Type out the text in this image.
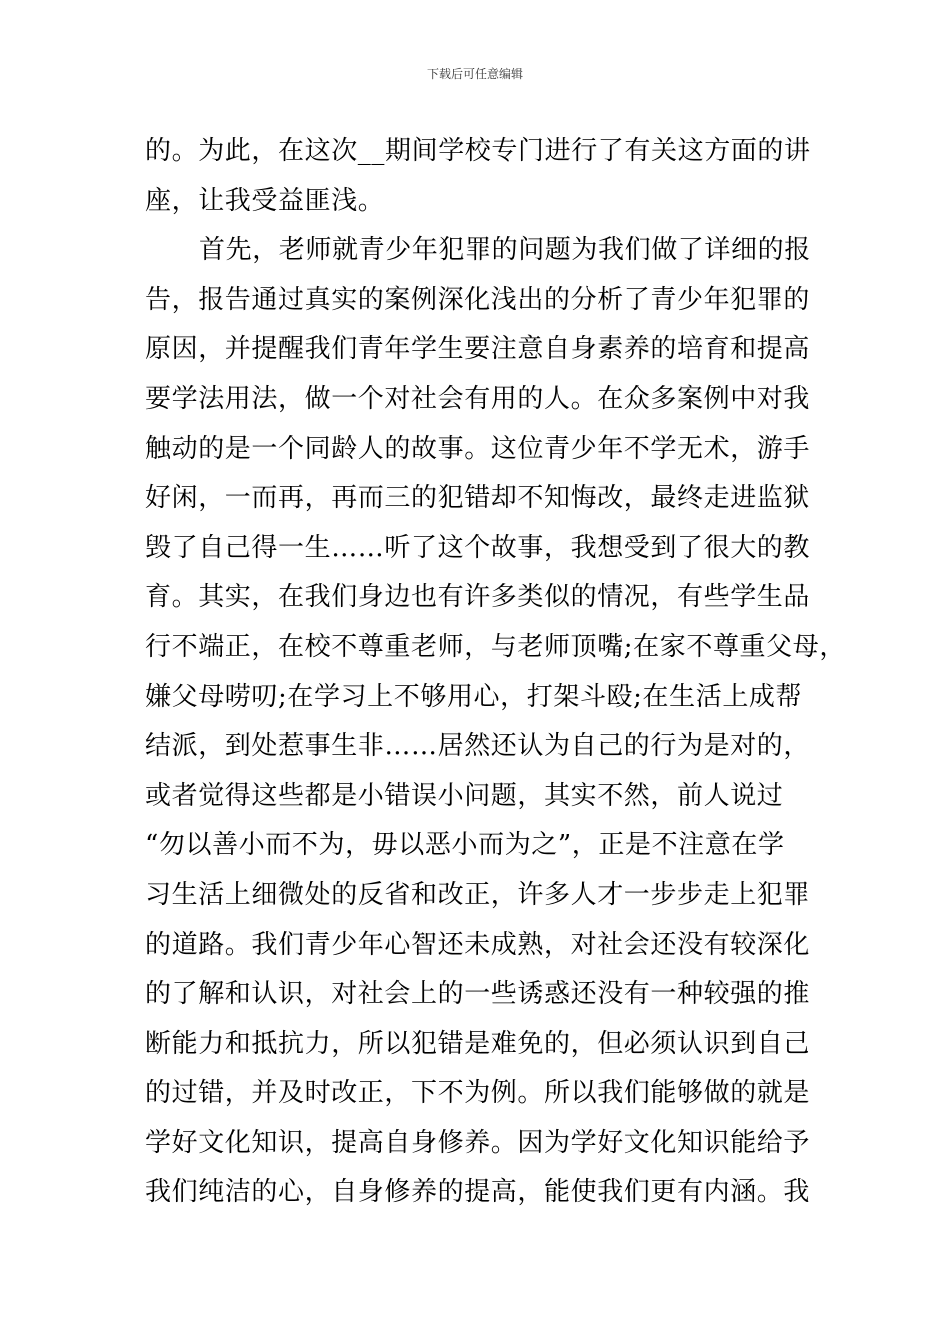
下载后可任意编辑
的。为此，在这次__期间学校专门进行了有关这方面的讲
座，让我受益匪浅。
首先，老师就青少年犯罪的问题为我们做了详细的报
告，报告通过真实的案例深化浅出的分析了青少年犯罪的
原因，并提醒我们青年学生要注意自身素养的培育和提高
要学法用法，做一个对社会有用的人。在众多案例中对我
触动的是一个同龄人的故事。这位青少年不学无术，游手
好闲，一而再，再而三的犯错却不知悔改，最终走进监狱
毁了自己得一生……听了这个故事，我想受到了很大的教
育。其实，在我们身边也有许多类似的情况，有些学生品
行不端正，在校不尊重老师，与老师顶嘴;在家不尊重父母，
嫌父母唠叨;在学习上不够用心，打架斗殴;在生活上成帮
结派，到处惹事生非……居然还认为自己的行为是对的，
或者觉得这些都是小错误小问题，其实不然，前人说过
“勿以善小而不为，毋以恶小而为之”，正是不注意在学
习生活上细微处的反省和改正，许多人才一步步走上犯罪
的道路。我们青少年心智还未成熟，对社会还没有较深化
的了解和认识，对社会上的一些诱惑还没有一种较强的推
断能力和抵抗力，所以犯错是难免的，但必须认识到自己
的过错，并及时改正，下不为例。所以我们能够做的就是
学好文化知识，提高自身修养。因为学好文化知识能给予
我们纯洁的心，自身修养的提高，能使我们更有内涵。我
